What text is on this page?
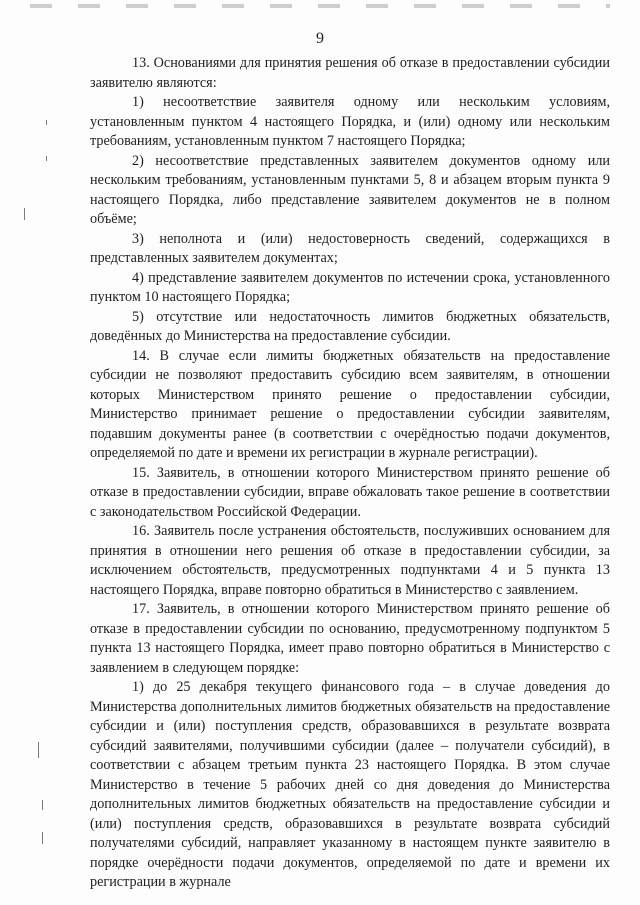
9

13. Основаниями для принятия решения об отказе в предоставлении субсидии заявителю являются:

1) несоответствие заявителя одному или нескольким условиям, установленным пунктом 4 настоящего Порядка, и (или) одному или нескольким требованиям, установленным пунктом 7 настоящего Порядка;

2) несоответствие представленных заявителем документов одному или нескольким требованиям, установленным пунктами 5, 8 и абзацем вторым пункта 9 настоящего Порядка, либо представление заявителем документов не в полном объёме;

3) неполнота и (или) недостоверность сведений, содержащихся в представленных заявителем документах;

4) представление заявителем документов по истечении срока, установленного пунктом 10 настоящего Порядка;

5) отсутствие или недостаточность лимитов бюджетных обязательств, доведённых до Министерства на предоставление субсидии.

14. В случае если лимиты бюджетных обязательств на предоставление субсидии не позволяют предоставить субсидию всем заявителям, в отношении которых Министерством принято решение о предоставлении субсидии, Министерство принимает решение о предоставлении субсидии заявителям, подавшим документы ранее (в соответствии с очерёдностью подачи документов, определяемой по дате и времени их регистрации в журнале регистрации).

15. Заявитель, в отношении которого Министерством принято решение об отказе в предоставлении субсидии, вправе обжаловать такое решение в соответствии с законодательством Российской Федерации.

16. Заявитель после устранения обстоятельств, послуживших основанием для принятия в отношении него решения об отказе в предоставлении субсидии, за исключением обстоятельств, предусмотренных подпунктами 4 и 5 пункта 13 настоящего Порядка, вправе повторно обратиться в Министерство с заявлением.

17. Заявитель, в отношении которого Министерством принято решение об отказе в предоставлении субсидии по основанию, предусмотренному подпунктом 5 пункта 13 настоящего Порядка, имеет право повторно обратиться в Министерство с заявлением в следующем порядке:

1) до 25 декабря текущего финансового года – в случае доведения до Министерства дополнительных лимитов бюджетных обязательств на предоставление субсидии и (или) поступления средств, образовавшихся в результате возврата субсидий заявителями, получившими субсидии (далее – получатели субсидий), в соответствии с абзацем третьим пункта 23 настоящего Порядка. В этом случае Министерство в течение 5 рабочих дней со дня доведения до Министерства дополнительных лимитов бюджетных обязательств на предоставление субсидии и (или) поступления средств, образовавшихся в результате возврата субсидий получателями субсидий, направляет указанному в настоящем пункте заявителю в порядке очерёдности подачи документов, определяемой по дате и времени их регистрации в журнале
